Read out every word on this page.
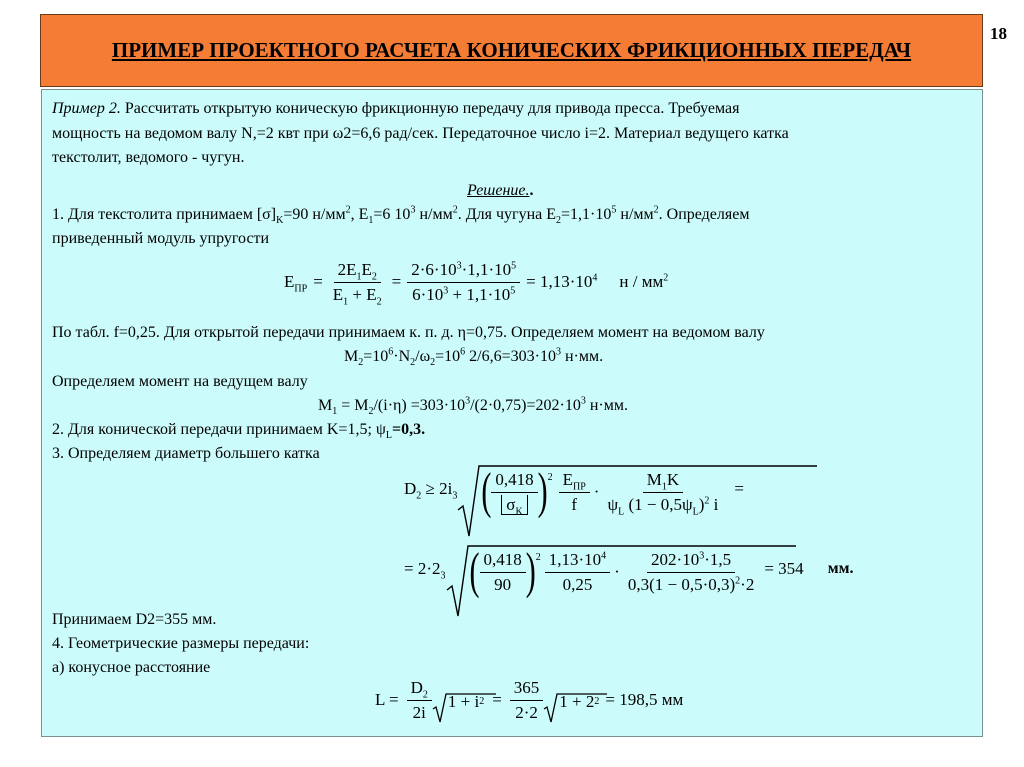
18
ПРИМЕР ПРОЕКТНОГО РАСЧЕТА КОНИЧЕСКИХ ФРИКЦИОННЫХ ПЕРЕДАЧ
Пример 2. Рассчитать открытую коническую фрикционную передачу для привода пресса. Требуемая
мощность на ведомом валу N,=2 квт при ω2=6,6 рад/сек. Передаточное число i=2. Материал ведущего катка
текстолит, ведомого - чугун.
Решение..
1. Для текстолита принимаем $[\sigma]_K=90$ $н/мм^2$, $E_1=6$ $10^3$ $н/мм^2$. Для чугуна $E_2=1,1\cdot 10^5$ $н/мм^2$. Определяем
приведенный модуль упругости
$E_{ПР} = \frac{2E_1E_2}{E_1 + E_2} = \frac{2\cdot 6\cdot 10^3\cdot 1,1\cdot 10^5}{6\cdot 10^3 + 1,1\cdot 10^5} = 1,13\cdot 10^4$ н / $мм^2$
По табл. f=0,25. Для открытой передачи принимаем к. п. д. η=0,75. Определяем момент на ведомом валу
$M_2=10^6\cdot N_2/\omega_2=10^6$ $2/6,6=303\cdot 10^3$ н·мм.
Определяем момент на ведущем валу
$M_1 = M_2/(i\cdot\eta) =303\cdot 10^3/(2\cdot 0,75)=202\cdot 10^3$ н·мм.
2. Для конической передачи принимаем K=1,5; $\psi_L=0,3$.
3. Определяем диаметр большего катка
$D_2 \ge 2i_3$ ( $\frac{0,418}{\sigma_K}$ ) $2 \frac{E_{ПР}}{f} \cdot \frac{M_1K}{\psi_L (1 - 0,5\psi_L)^2 i}$ =
= $2\cdot 2_3$ ( $\frac{0,418}{90}$ ) $2 \frac{1,13\cdot 10^4}{0,25} \cdot \frac{202\cdot 10^3\cdot 1,5}{0,3(1 - 0,5\cdot 0,3)^2\cdot 2} = 354$ мм.
Принимаем D2=355 мм.
4. Геометрические размеры передачи:
а) конусное расстояние
$L = \frac{D_2}{2i} 1 + i$ $2 = \frac{365}{2\cdot 2} 1 + 2$ 2 = 198,5 мм
